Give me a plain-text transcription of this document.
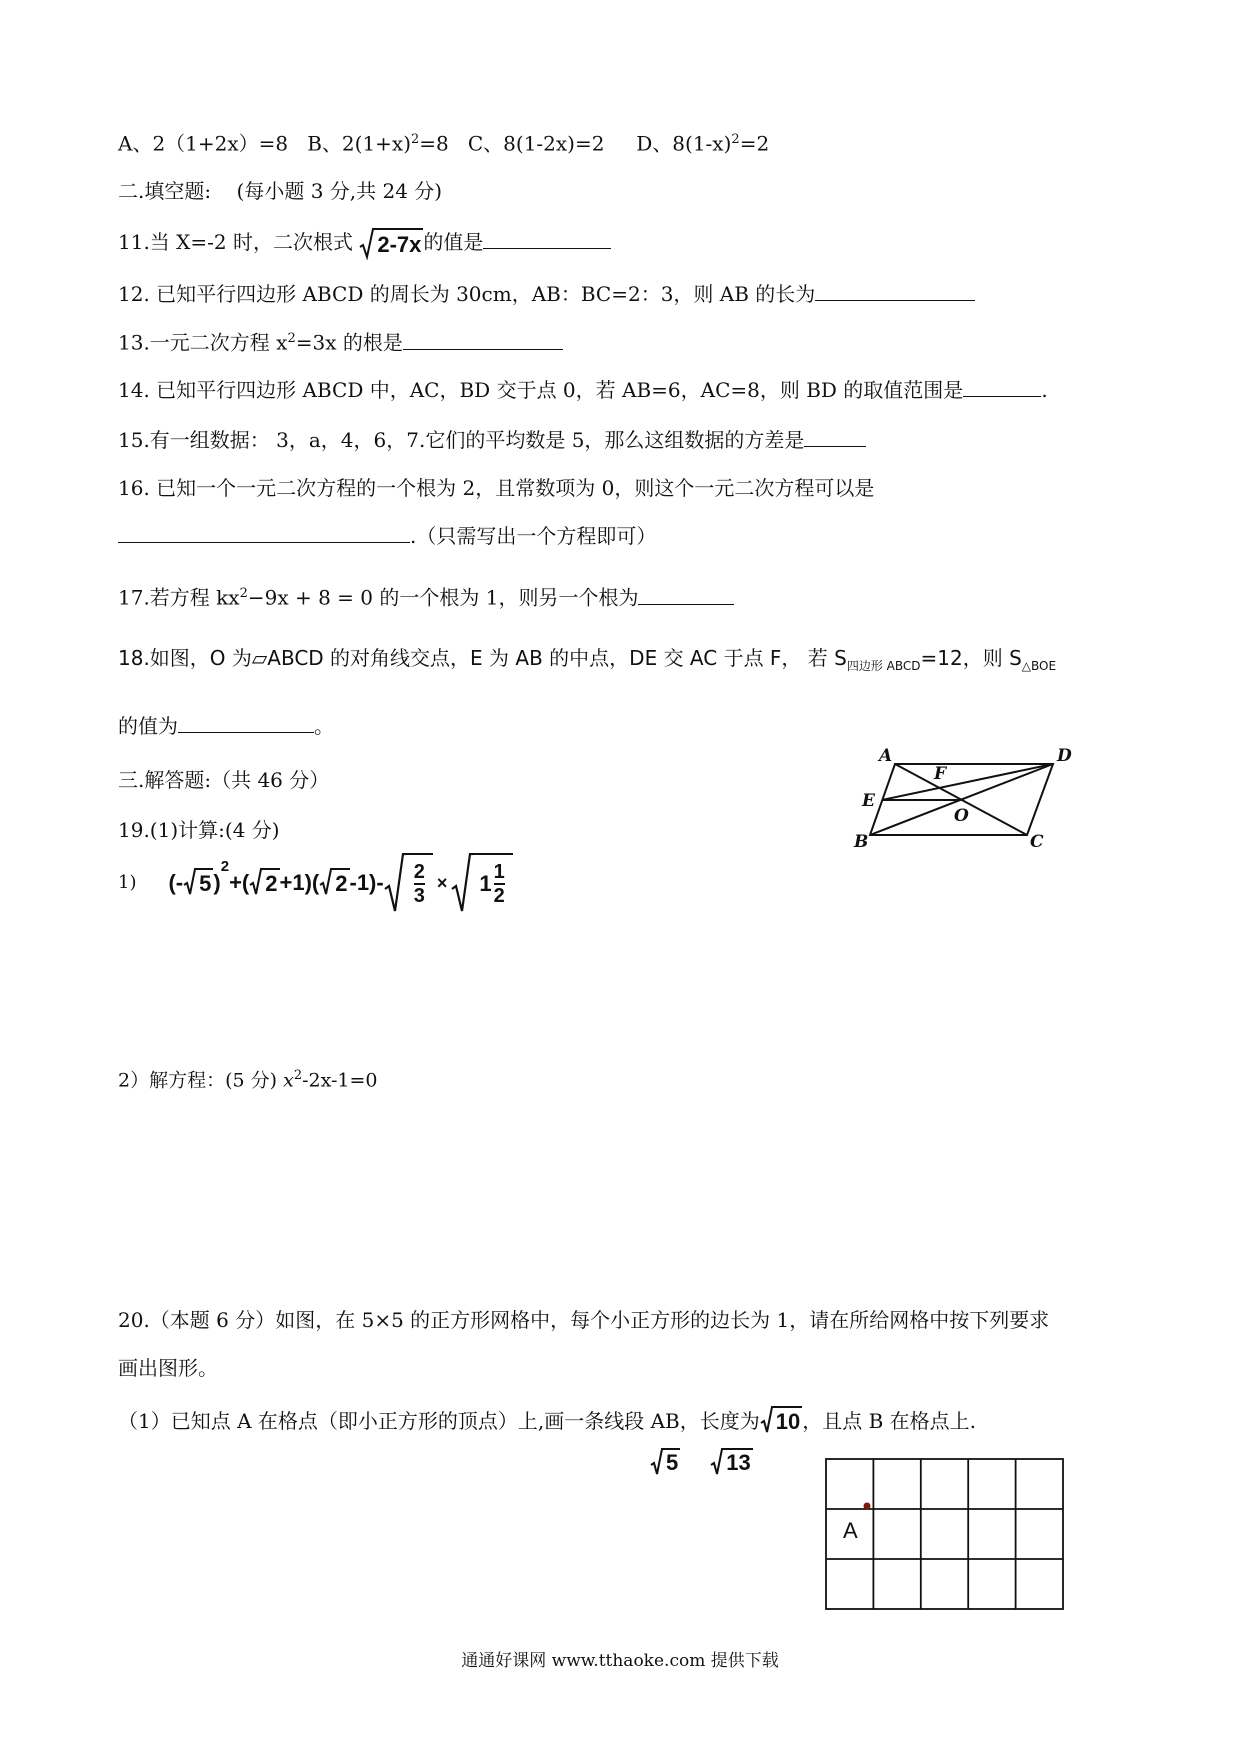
A、2（1+2x）=8 B、$2(1+x)^2=8$ C、8(1-2x)=2 D、$8(1-x)^2=2$
二.填空题: (每小题 3 分,共 24 分)
11.当 X=-2 时，二次根式 2-7x 的值是
12. 已知平行四边形 ABCD 的周长为 30cm，AB：BC=2：3，则 AB 的长为
13.一元二次方程 $x^2=3x$ 的根是
14. 已知平行四边形 ABCD 中，AC，BD 交于点 0，若 AB=6，AC=8，则 BD 的取值范围是	.
15.有一组数据： 3，a，4，6，7.它们的平均数是 5，那么这组数据的方差是
16. 已知一个一元二次方程的一个根为 2，且常数项为 0，则这个一元二次方程可以是
.（只需写出一个方程即可）
17.若方程 $kx^2-9x + 8 = 0$ 的一个根为 1，则另一个根为
18.如图，O 为▱ABCD 的对角线交点，E 为 AB 的中点，DE 交 AC 于点 F， 若 $S_{四边形 ABCD}=12$，则 $S_{\triangle BOE}$
的值为	。
A	D
F
E
O
B	C
三.解答题:（共 46 分）
19.(1)计算:(4 分)
1) (- 5 )
$^2$
+( 2 +1)( 2 $-1)- \frac{2}{3} \times 1 \frac{1}{2}$
2）解方程：(5 分) $x^2-2x-1=0$
20.（本题 6 分）如图，在 5×5 的正方形网格中，每个小正方形的边长为 1，请在所给网格中按下列要求
画出图形。
（1）已知点 A 在格点（即小正方形的顶点）上,画一条线段 AB，长度为 10 ，且点 B 在格点上.
5 13
A
通通好课网 www.tthaoke.com 提供下载
